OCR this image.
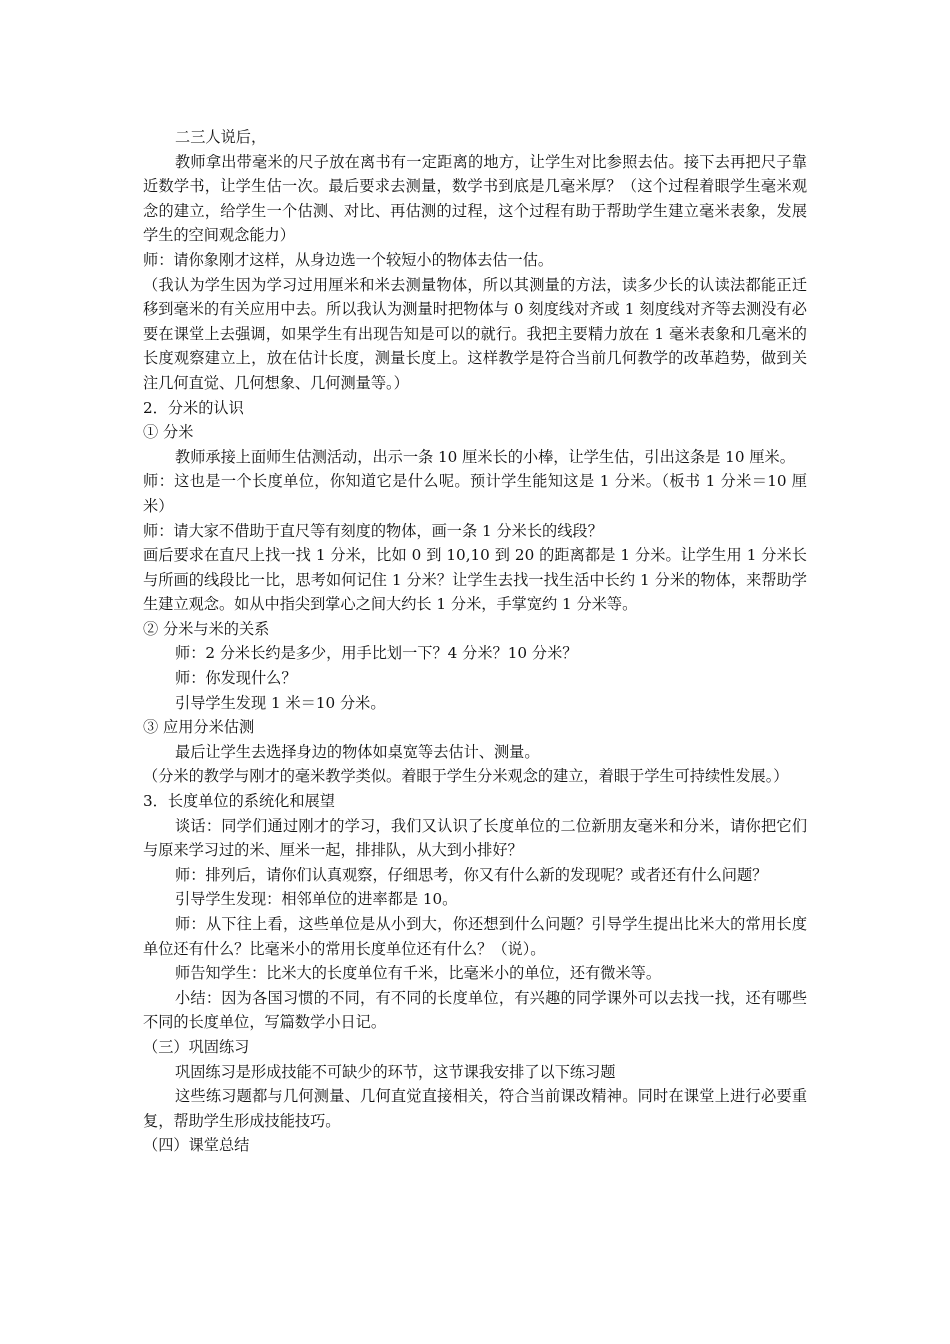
二三人说后，

教师拿出带毫米的尺子放在离书有一定距离的地方，让学生对比参照去估。接下去再把尺子靠近数学书，让学生估一次。最后要求去测量，数学书到底是几毫米厚？（这个过程着眼学生毫米观念的建立，给学生一个估测、对比、再估测的过程，这个过程有助于帮助学生建立毫米表象，发展学生的空间观念能力）

师：请你象刚才这样，从身边选一个较短小的物体去估一估。

（我认为学生因为学习过用厘米和米去测量物体，所以其测量的方法，读多少长的认读法都能正迁移到毫米的有关应用中去。所以我认为测量时把物体与 0 刻度线对齐或 1 刻度线对齐等去测没有必要在课堂上去强调，如果学生有出现告知是可以的就行。我把主要精力放在 1 毫米表象和几毫米的长度观察建立上，放在估计长度，测量长度上。这样教学是符合当前几何教学的改革趋势，做到关注几何直觉、几何想象、几何测量等。）

2．分米的认识

① 分米

教师承接上面师生估测活动，出示一条 10 厘米长的小棒，让学生估，引出这条是 10 厘米。

师：这也是一个长度单位，你知道它是什么呢。预计学生能知这是 1 分米。（板书 1 分米＝10 厘米）

师：请大家不借助于直尺等有刻度的物体，画一条 1 分米长的线段？

画后要求在直尺上找一找 1 分米，比如 0 到 10,10 到 20 的距离都是 1 分米。让学生用 1 分米长与所画的线段比一比，思考如何记住 1 分米？让学生去找一找生活中长约 1 分米的物体，来帮助学生建立观念。如从中指尖到掌心之间大约长 1 分米，手掌宽约 1 分米等。

② 分米与米的关系

师：2 分米长约是多少，用手比划一下？4 分米？10 分米？

师：你发现什么？

引导学生发现 1 米＝10 分米。

③ 应用分米估测

最后让学生去选择身边的物体如桌宽等去估计、测量。

（分米的教学与刚才的毫米教学类似。着眼于学生分米观念的建立，着眼于学生可持续性发展。）

3．长度单位的系统化和展望

谈话：同学们通过刚才的学习，我们又认识了长度单位的二位新朋友毫米和分米，请你把它们与原来学习过的米、厘米一起，排排队，从大到小排好？

师：排列后，请你们认真观察，仔细思考，你又有什么新的发现呢？或者还有什么问题？

引导学生发现：相邻单位的进率都是 10。

师：从下往上看，这些单位是从小到大，你还想到什么问题？引导学生提出比米大的常用长度单位还有什么？比毫米小的常用长度单位还有什么？（说）。

师告知学生：比米大的长度单位有千米，比毫米小的单位，还有微米等。

小结：因为各国习惯的不同，有不同的长度单位，有兴趣的同学课外可以去找一找，还有哪些不同的长度单位，写篇数学小日记。

（三）巩固练习

巩固练习是形成技能不可缺少的环节，这节课我安排了以下练习题

这些练习题都与几何测量、几何直觉直接相关，符合当前课改精神。同时在课堂上进行必要重复，帮助学生形成技能技巧。

（四）课堂总结
